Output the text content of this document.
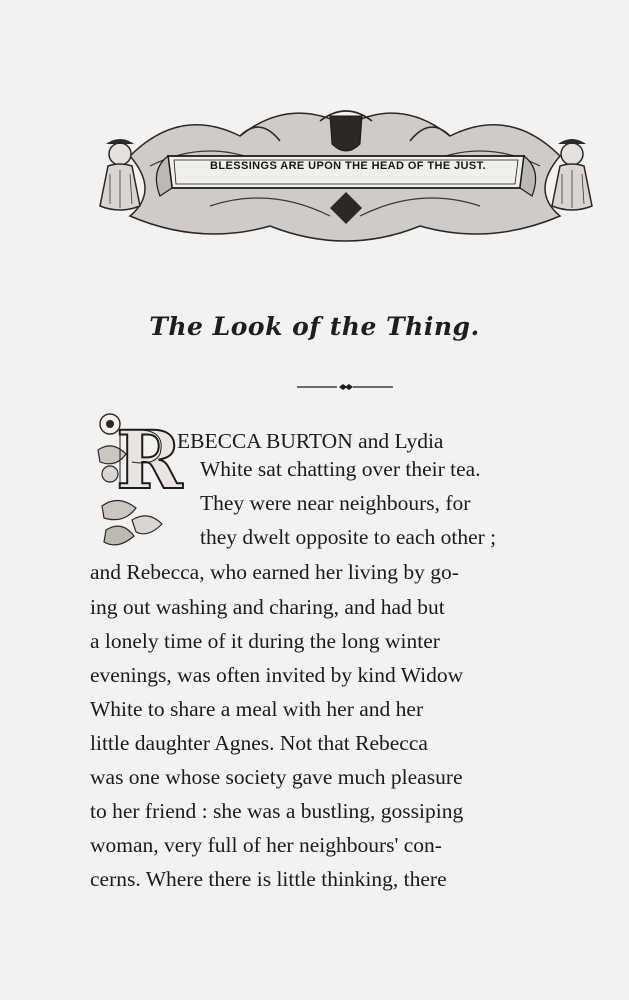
BLESSINGS ARE UPON THE HEAD OF THE JUST.
The Look of the Thing.
R
EBECCA BURTON and Lydia
White sat chatting over their tea.
They were near neighbours, for
they dwelt opposite to each other ;
and Rebecca, who earned her living by go-
ing out washing and charing, and had but
a lonely time of it during the long winter
evenings, was often invited by kind Widow
White to share a meal with her and her
little daughter Agnes. Not that Rebecca
was one whose society gave much pleasure
to her friend : she was a bustling, gossiping
woman, very full of her neighbours' con-
cerns. Where there is little thinking, there
